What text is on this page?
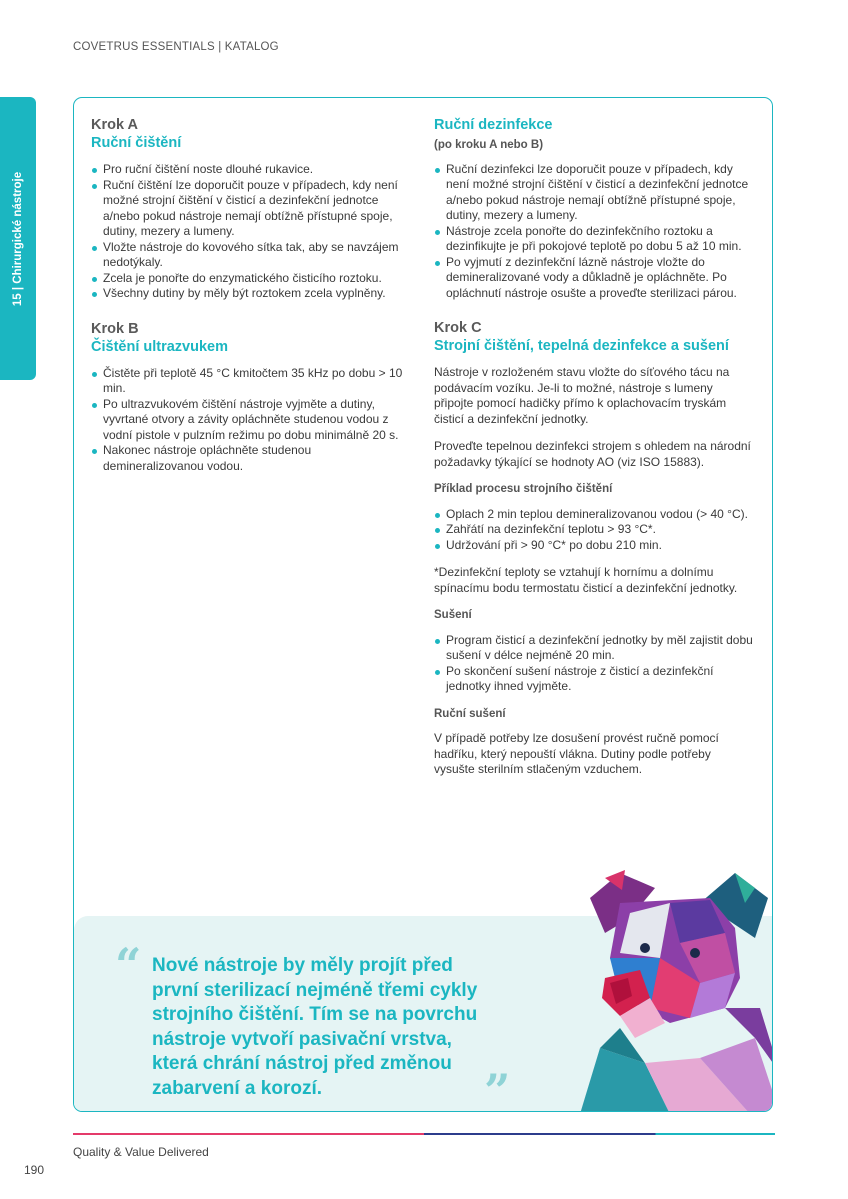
COVETRUS ESSENTIALS | KATALOG
15 | Chirurgické nástroje
Krok A
Ruční čištění
Pro ruční čištění noste dlouhé rukavice.
Ruční čištění lze doporučit pouze v případech, kdy není možné strojní čištění v čisticí a dezinfekční jednotce a/nebo pokud nástroje nemají obtížně přístupné spoje, dutiny, mezery a lumeny.
Vložte nástroje do kovového sítka tak, aby se navzájem nedotýkaly.
Zcela je ponořte do enzymatického čisticího roztoku.
Všechny dutiny by měly být roztokem zcela vyplněny.
Krok B
Čištění ultrazvukem
Čistěte při teplotě 45 °C kmitočtem 35 kHz po dobu > 10 min.
Po ultrazvukovém čištění nástroje vyjměte a dutiny, vyvrtané otvory a závity opláchněte studenou vodou z vodní pistole v pulzním režimu po dobu minimálně 20 s.
Nakonec nástroje opláchněte studenou demineralizovanou vodou.
Ruční dezinfekce
(po kroku A nebo B)
Ruční dezinfekci lze doporučit pouze v případech, kdy není možné strojní čištění v čisticí a dezinfekční jednotce a/nebo pokud nástroje nemají obtížně přístupné spoje, dutiny, mezery a lumeny.
Nástroje zcela ponořte do dezinfekčního roztoku a dezinfikujte je při pokojové teplotě po dobu 5 až 10 min.
Po vyjmutí z dezinfekční lázně nástroje vložte do demineralizované vody a důkladně je opláchněte. Po opláchnutí nástroje osušte a proveďte sterilizaci párou.
Krok C
Strojní čištění, tepelná dezinfekce a sušení

Nástroje v rozloženém stavu vložte do síťového tácu na podávacím vozíku. Je-li to možné, nástroje s lumeny připojte pomocí hadičky přímo k oplachovacím tryskám čisticí a dezinfekční jednotky.

Proveďte tepelnou dezinfekci strojem s ohledem na národní požadavky týkající se hodnoty AO (viz ISO 15883).

Příklad procesu strojního čištění
Oplach 2 min teplou demineralizovanou vodou (> 40 °C).
Zahřátí na dezinfekční teplotu > 93 °C*.
Udržování při > 90 °C* po dobu 210 min.

*Dezinfekční teploty se vztahují k hornímu a dolnímu spínacímu bodu termostatu čisticí a dezinfekční jednotky.

Sušení
Program čisticí a dezinfekční jednotky by měl zajistit dobu sušení v délce nejméně 20 min.
Po skončení sušení nástroje z čisticí a dezinfekční jednotky ihned vyjměte.
Ruční sušení

V případě potřeby lze dosušení provést ručně pomocí hadříku, který nepouští vlákna. Dutiny podle potřeby vysušte sterilním stlačeným vzduchem.

“ Nové nástroje by měly projít před první sterilizací nejméně třemi cykly strojního čištění. Tím se na povrchu nástroje vytvoří pasivační vrstva, která chrání nástroj před změnou zabarvení a korozí.	”
Quality & Value Delivered
190
